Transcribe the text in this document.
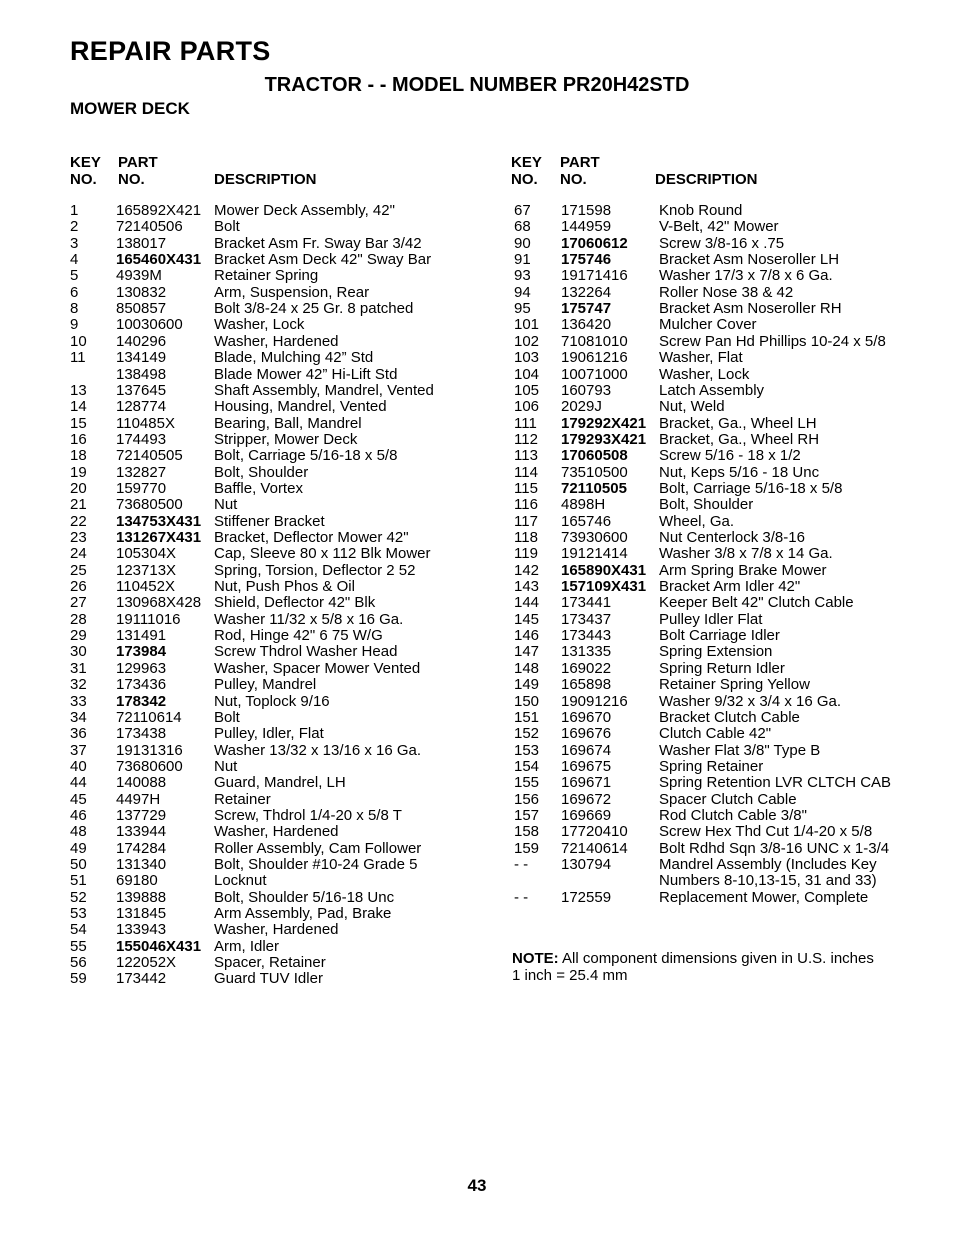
REPAIR PARTS
TRACTOR - - MODEL NUMBER PR20H42STD
MOWER DECK
KEY
NO.
PART
NO.	DESCRIPTION
KEY
NO.
PART
NO.	DESCRIPTION
1	165892X421 Mower Deck Assembly, 42"
2	72140506 Bolt
3	138017	Bracket Asm Fr. Sway Bar 3/42
4	165460X431 Bracket Asm Deck 42" Sway Bar
5	4939M	Retainer Spring
6	130832	Arm, Suspension, Rear
8	850857	Bolt 3/8-24 x 25 Gr. 8 patched
9	10030600 Washer, Lock
10 140296	Washer, Hardened
11 134149	Blade, Mulching 42” Std
138498	Blade Mower 42” Hi-Lift Std
13 137645	Shaft Assembly, Mandrel, Vented
14 128774	Housing, Mandrel, Vented
15 110485X	Bearing, Ball, Mandrel
16 174493	Stripper, Mower Deck
18 72140505 Bolt, Carriage 5/16-18 x 5/8
19 132827	Bolt, Shoulder
20 159770	Baffle, Vortex
21 73680500 Nut
22 134753X431 Stiffener Bracket
23 131267X431 Bracket, Deflector Mower 42"
24 105304X	Cap, Sleeve 80 x 112 Blk Mower
25 123713X	Spring, Torsion, Deflector 2 52
26 110452X	Nut, Push Phos & Oil
27 130968X428 Shield, Deflector 42" Blk
28 19111016 Washer 11/32 x 5/8 x 16 Ga.
29 131491	Rod, Hinge 42" 6 75 W/G
30 173984	Screw Thdrol Washer Head
31 129963	Washer, Spacer Mower Vented
32 173436	Pulley, Mandrel
33 178342	Nut, Toplock 9/16
34 72110614 Bolt
36 173438	Pulley, Idler, Flat
37 19131316 Washer 13/32 x 13/16 x 16 Ga.
40 73680600 Nut
44 140088	Guard, Mandrel, LH
45 4497H	Retainer
46 137729	Screw, Thdrol 1/4-20 x 5/8 T
48 133944	Washer, Hardened
49 174284	Roller Assembly, Cam Follower
50 131340	Bolt, Shoulder #10-24 Grade 5
51 69180	Locknut
52 139888	Bolt, Shoulder 5/16-18 Unc
53 131845	Arm Assembly, Pad, Brake
54 133943	Washer, Hardened
55 155046X431 Arm, Idler
56 122052X	Spacer, Retainer
59 173442	Guard TUV Idler
67 171598	Knob Round
68 144959	V-Belt, 42" Mower
90 17060612 Screw 3/8-16 x .75
91 175746	Bracket Asm Noseroller LH
93 19171416 Washer 17/3 x 7/8 x 6 Ga.
94 132264	Roller Nose 38 & 42
95 175747	Bracket Asm Noseroller RH
101 136420	Mulcher Cover
102 71081010 Screw Pan Hd Phillips 10-24 x 5/8
103 19061216 Washer, Flat
104 10071000 Washer, Lock
105 160793	Latch Assembly
106 2029J	Nut, Weld
111 179292X421 Bracket, Ga., Wheel LH
112 179293X421 Bracket, Ga., Wheel RH
113 17060508 Screw 5/16 - 18 x 1/2
114 73510500 Nut, Keps 5/16 - 18 Unc
115 72110505 Bolt, Carriage 5/16-18 x 5/8
116 4898H	Bolt, Shoulder
117 165746	Wheel, Ga.
118 73930600 Nut Centerlock 3/8-16
119 19121414 Washer 3/8 x 7/8 x 14 Ga.
142 165890X431 Arm Spring Brake Mower
143 157109X431 Bracket Arm Idler 42"
144 173441	Keeper Belt 42" Clutch Cable
145 173437	Pulley Idler Flat
146 173443	Bolt Carriage Idler
147 131335	Spring Extension
148 169022	Spring Return Idler
149 165898	Retainer Spring Yellow
150 19091216 Washer 9/32 x 3/4 x 16 Ga.
151 169670	Bracket Clutch Cable
152 169676	Clutch Cable 42"
153 169674	Washer Flat 3/8" Type B
154 169675	Spring Retainer
155 169671	Spring Retention LVR CLTCH CAB
156 169672	Spacer Clutch Cable
157 169669	Rod Clutch Cable 3/8"
158 17720410 Screw Hex Thd Cut 1/4-20 x 5/8
159 72140614 Bolt Rdhd Sqn 3/8-16 UNC x 1-3/4
- - 130794	Mandrel Assembly (Includes Key
Numbers 8-10,13-15, 31 and 33)
- - 172559	Replacement Mower, Complete
NOTE: All component dimensions given in U.S. inches
1 inch = 25.4 mm
43
